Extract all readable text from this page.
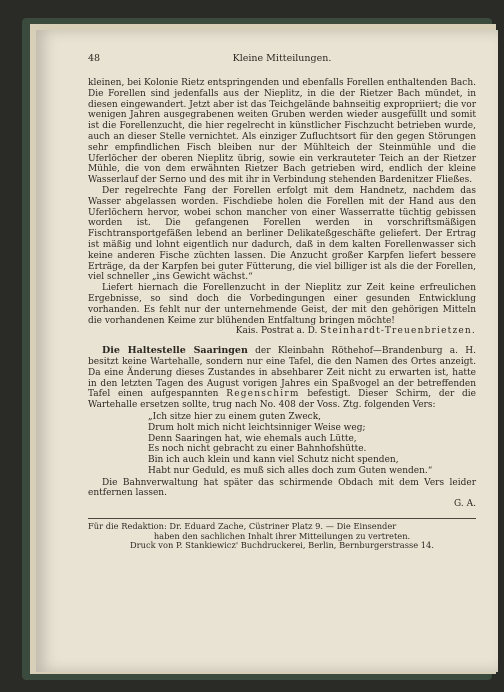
48	Kleine Mitteilungen.

kleinen, bei Kolonie Rietz entspringenden und ebenfalls Forellen enthaltenden Bach. Die Forellen sind jedenfalls aus der Nieplitz, in die der Rietzer Bach mündet, in diesen eingewandert. Jetzt aber ist das Teichgelände bahnseitig expropriiert; die vor wenigen Jahren ausgegrabenen weiten Gruben werden wieder ausgefüllt und somit ist die Forellenzucht, die hier regelrecht in künstlicher Fischzucht betrieben wurde, auch an dieser Stelle vernichtet. Als einziger Zufluchtsort für den gegen Störungen sehr empfindlichen Fisch bleiben nur der Mühlteich der Steinmühle und die Uferlöcher der oberen Nieplitz übrig, sowie ein verkrauteter Teich an der Rietzer Mühle, die von dem erwähnten Rietzer Bach getrieben wird, endlich der kleine Wasserlauf der Serno und des mit ihr in Verbindung stehenden Bardenitzer Fließes.

Der regelrechte Fang der Forellen erfolgt mit dem Handnetz, nachdem das Wasser abgelassen worden. Fischdiebe holen die Forellen mit der Hand aus den Uferlöchern hervor, wobei schon mancher von einer Wasserratte tüchtig gebissen worden ist. Die gefangenen Forellen werden in vorschriftsmäßigen Fischtransportgefäßen lebend an berliner Delikateßgeschäfte geliefert. Der Ertrag ist mäßig und lohnt eigentlich nur dadurch, daß in dem kalten Forellenwasser sich keine anderen Fische züchten lassen. Die Anzucht großer Karpfen liefert bessere Erträge, da der Karpfen bei guter Fütterung, die viel billiger ist als die der Forellen, viel schneller „ins Gewicht wächst.“

Liefert hiernach die Forellenzucht in der Nieplitz zur Zeit keine erfreulichen Ergebnisse, so sind doch die Vorbedingungen einer gesunden Entwicklung vorhanden. Es fehlt nur der unternehmende Geist, der mit den gehörigen Mitteln die vorhandenen Keime zur blühenden Entfaltung bringen möchte!

Kais. Postrat a. D. Steinhardt-Treuenbrietzen.

Die Haltestelle Saaringen der Kleinbahn Röthehof—Brandenburg a. H. besitzt keine Wartehalle, sondern nur eine Tafel, die den Namen des Ortes anzeigt. Da eine Änderung dieses Zustandes in absehbarer Zeit nicht zu erwarten ist, hatte in den letzten Tagen des August vorigen Jahres ein Spaßvogel an der betreffenden Tafel einen aufgespannten Regenschirm befestigt. Dieser Schirm, der die Wartehalle ersetzen sollte, trug nach No. 408 der Voss. Ztg. folgenden Vers:

„Ich sitze hier zu einem guten Zweck,
Drum holt mich nicht leichtsinniger Weise weg;
Denn Saaringen hat, wie ehemals auch Lütte,
Es noch nicht gebracht zu einer Bahnhofshütte.
Bin ich auch klein und kann viel Schutz nicht spenden,
Habt nur Geduld, es muß sich alles doch zum Guten wenden.“

Die Bahnverwaltung hat später das schirmende Obdach mit dem Vers leider entfernen lassen.

G. A.

Für die Redaktion: Dr. Eduard Zache, Cüstriner Platz 9. — Die Einsender
haben den sachlichen Inhalt ihrer Mitteilungen zu vertreten.
Druck von P. Stankiewicz' Buchdruckerei, Berlin, Bernburgerstrasse 14.
